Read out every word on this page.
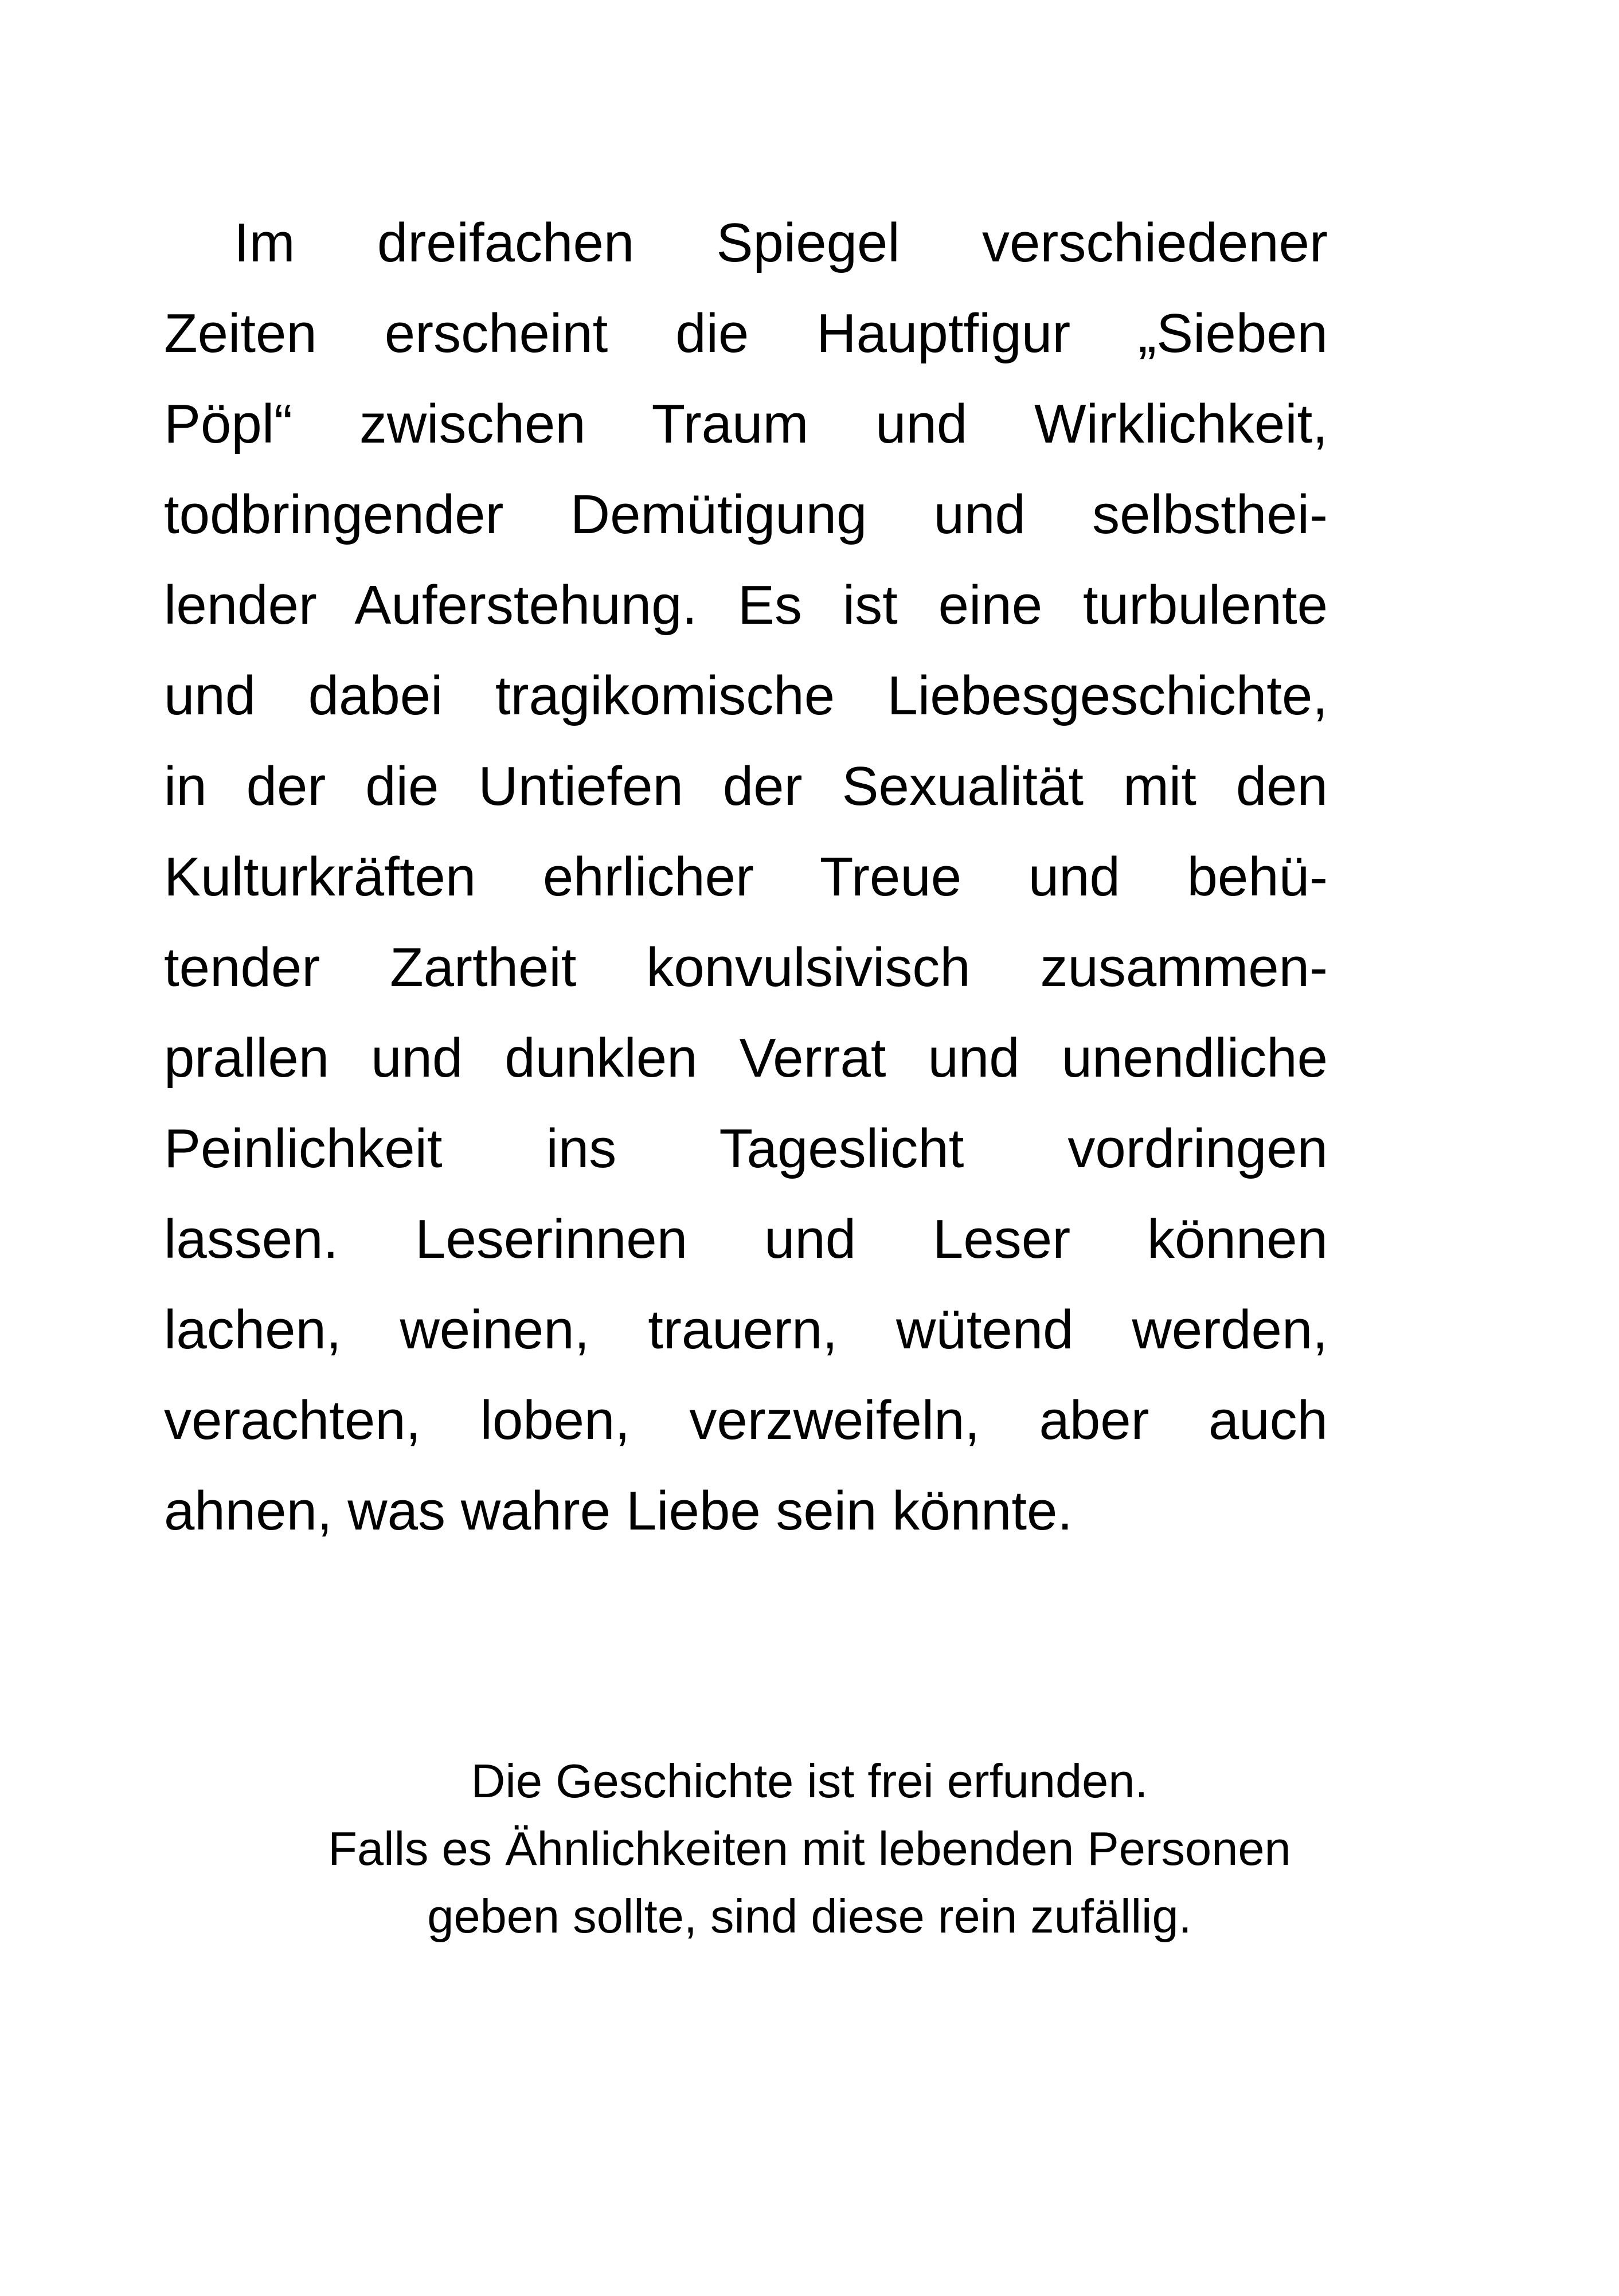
Im dreifachen Spiegel verschiedener
Zeiten erscheint die Hauptfigur „Sieben
Pöpl“ zwischen Traum und Wirklichkeit,
todbringender Demütigung und selbsthei-
lender Auferstehung. Es ist eine turbulente
und dabei tragikomische Liebesgeschichte,
in der die Untiefen der Sexualität mit den
Kulturkräften ehrlicher Treue und behü-
tender Zartheit konvulsivisch zusammen-
prallen und dunklen Verrat und unendliche
Peinlichkeit ins Tageslicht vordringen
lassen. Leserinnen und Leser können
lachen, weinen, trauern, wütend werden,
verachten, loben, verzweifeln, aber auch
ahnen, was wahre Liebe sein könnte.
Die Geschichte ist frei erfunden.
Falls es Ähnlichkeiten mit lebenden Personen
geben sollte, sind diese rein zufällig.
